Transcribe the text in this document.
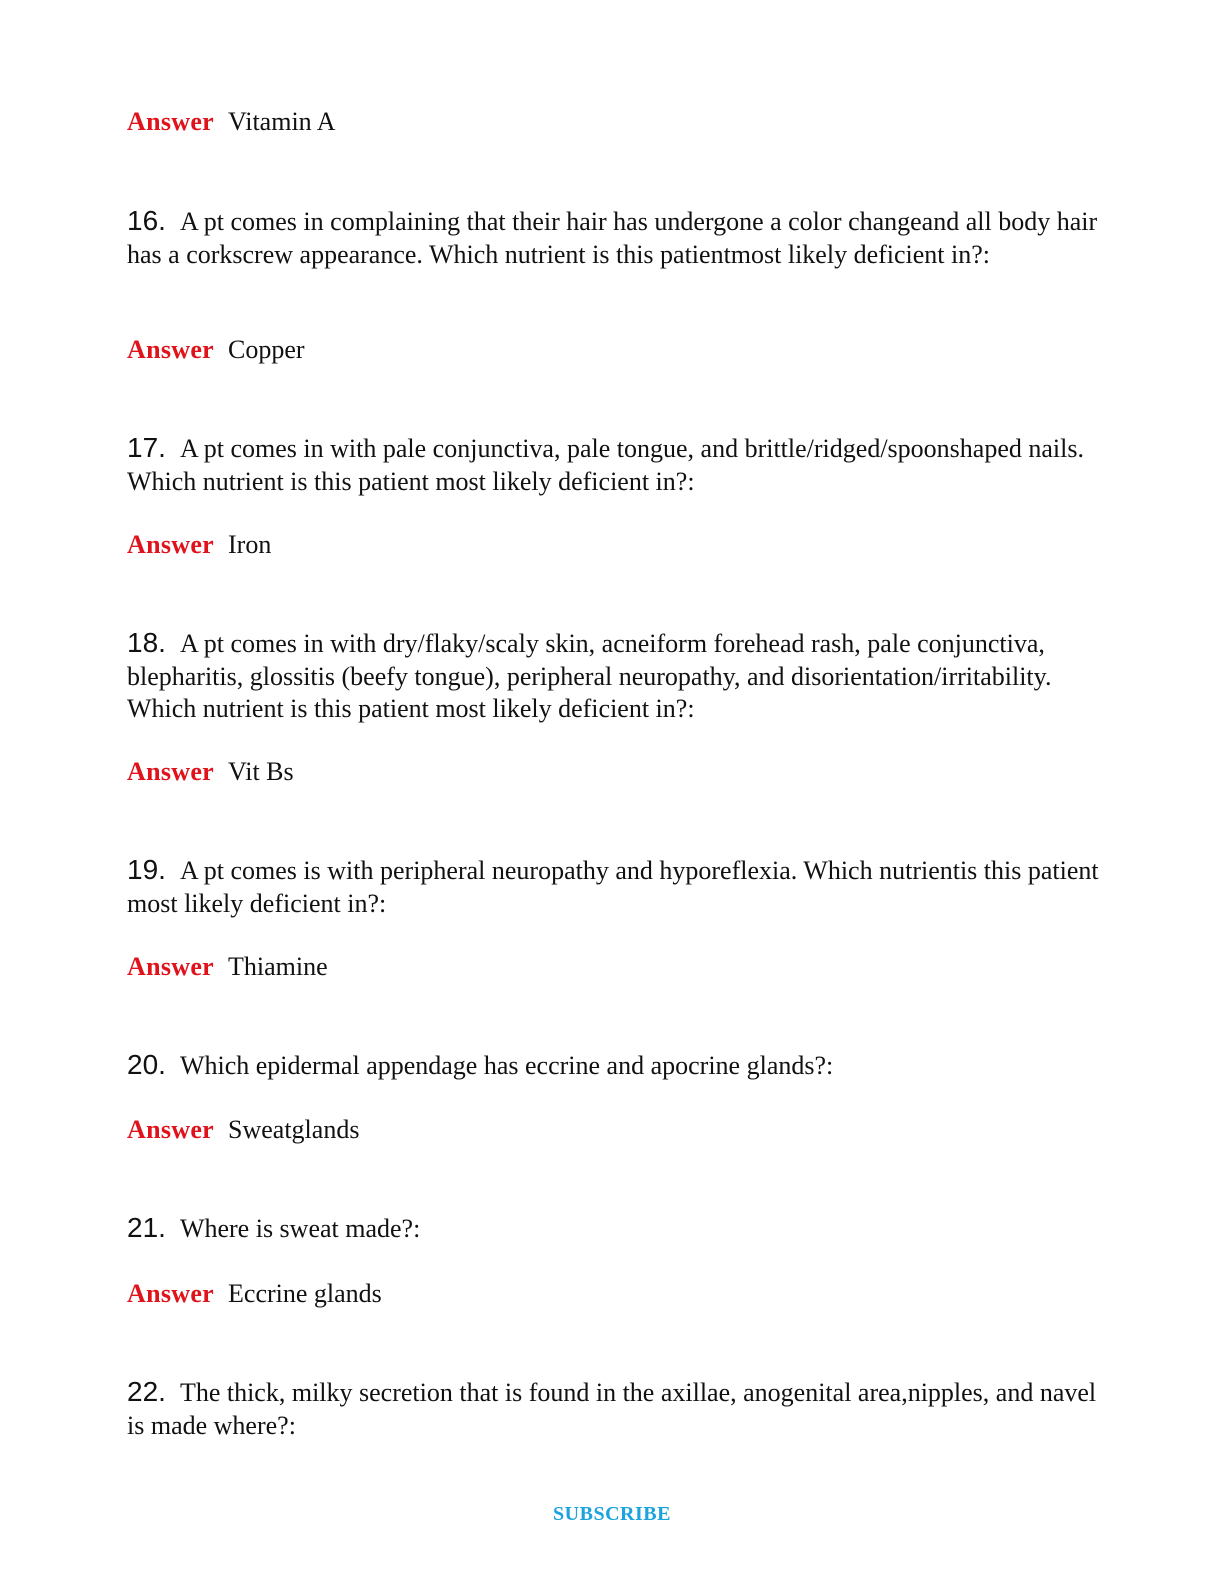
Answer Vitamin A
16. A pt comes in complaining that their hair has undergone a color changeand all body hair has a corkscrew appearance. Which nutrient is this patientmost likely deficient in?:
Answer Copper
17. A pt comes in with pale conjunctiva, pale tongue, and brittle/ridged/spoonshaped nails. Which nutrient is this patient most likely deficient in?:
Answer Iron
18. A pt comes in with dry/flaky/scaly skin, acneiform forehead rash, pale conjunctiva, blepharitis, glossitis (beefy tongue), peripheral neuropathy, and disorientation/irritability. Which nutrient is this patient most likely deficient in?:
Answer Vit Bs
19. A pt comes is with peripheral neuropathy and hyporeflexia. Which nutrientis this patient most likely deficient in?:
Answer Thiamine
20. Which epidermal appendage has eccrine and apocrine glands?:
Answer Sweatglands
21. Where is sweat made?:
Answer Eccrine glands
22. The thick, milky secretion that is found in the axillae, anogenital area,nipples, and navel is made where?:
SUBSCRIBE
